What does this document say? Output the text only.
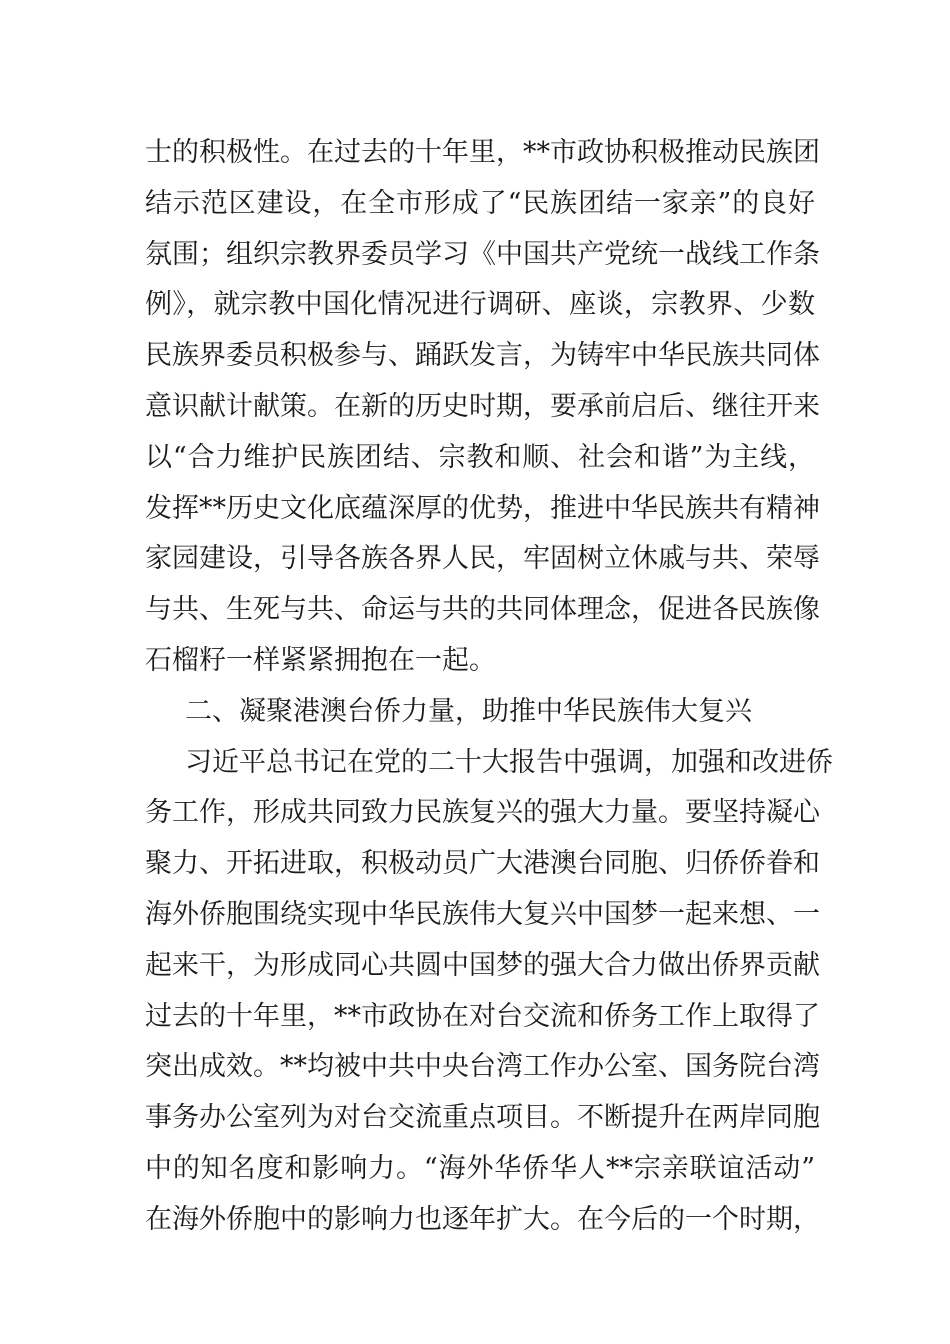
士的积极性。在过去的十年里，**市政协积极推动民族团
结示范区建设，在全市形成了“民族团结一家亲”的良好
氛围；组织宗教界委员学习《中国共产党统一战线工作条
例》，就宗教中国化情况进行调研、座谈，宗教界、少数
民族界委员积极参与、踊跃发言，为铸牢中华民族共同体
意识献计献策。在新的历史时期，要承前启后、继往开来
以“合力维护民族团结、宗教和顺、社会和谐”为主线，
发挥**历史文化底蕴深厚的优势，推进中华民族共有精神
家园建设，引导各族各界人民，牢固树立休戚与共、荣辱
与共、生死与共、命运与共的共同体理念，促进各民族像
石榴籽一样紧紧拥抱在一起。
二、凝聚港澳台侨力量，助推中华民族伟大复兴
习近平总书记在党的二十大报告中强调，加强和改进侨
务工作，形成共同致力民族复兴的强大力量。要坚持凝心
聚力、开拓进取，积极动员广大港澳台同胞、归侨侨眷和
海外侨胞围绕实现中华民族伟大复兴中国梦一起来想、一
起来干，为形成同心共圆中国梦的强大合力做出侨界贡献
过去的十年里，**市政协在对台交流和侨务工作上取得了
突出成效。**均被中共中央台湾工作办公室、国务院台湾
事务办公室列为对台交流重点项目。不断提升在两岸同胞
中的知名度和影响力。“海外华侨华人**宗亲联谊活动”
在海外侨胞中的影响力也逐年扩大。在今后的一个时期，
